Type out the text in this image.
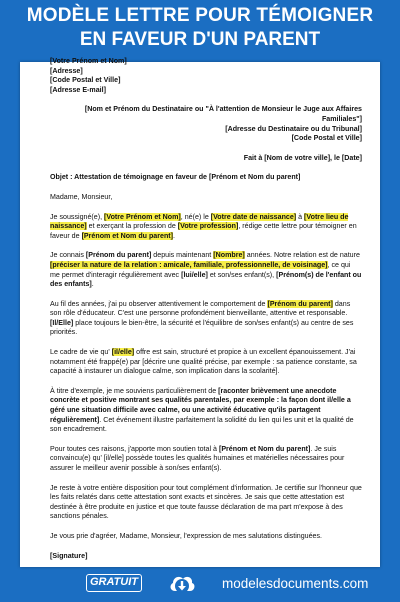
MODÈLE LETTRE POUR TÉMOIGNER
EN FAVEUR D'UN PARENT

[Votre Prénom et Nom]

[Adresse]

[Code Postal et Ville]

[Adresse E-mail]

[Nom et Prénom du Destinataire ou "À l'attention de Monsieur le Juge aux Affaires

Familiales"]

[Adresse du Destinataire ou du Tribunal]

[Code Postal et Ville]

Fait à [Nom de votre ville], le [Date]

Objet : Attestation de témoignage en faveur de [Prénom et Nom du parent]

Madame, Monsieur,

Je soussigné(e), [Votre Prénom et Nom], né(e) le [Votre date de naissance] à [Votre lieu de naissance] et exerçant la profession de [Votre profession], rédige cette lettre pour témoigner en faveur de [Prénom et Nom du parent].

Je connais [Prénom du parent] depuis maintenant [Nombre] années. Notre relation est de nature [préciser la nature de la relation : amicale, familiale, professionnelle, de voisinage], ce qui me permet d'interagir régulièrement avec [lui/elle] et son/ses enfant(s), [Prénom(s) de l'enfant ou des enfants].

Au fil des années, j'ai pu observer attentivement le comportement de [Prénom du parent] dans son rôle d'éducateur. C'est une personne profondément bienveillante, attentive et responsable. [Il/Elle] place toujours le bien-être, la sécurité et l'équilibre de son/ses enfant(s) au centre de ses priorités.

Le cadre de vie qu' [il/elle] offre est sain, structuré et propice à un excellent épanouissement. J'ai notamment été frappé(e) par [décrire une qualité précise, par exemple : sa patience constante, sa capacité à instaurer un dialogue calme, son implication dans la scolarité].

À titre d'exemple, je me souviens particulièrement de [raconter brièvement une anecdote concrète et positive montrant ses qualités parentales, par exemple : la façon dont il/elle a géré une situation difficile avec calme, ou une activité éducative qu'ils partagent régulièrement]. Cet événement illustre parfaitement la solidité du lien qui les unit et la qualité de son encadrement.

Pour toutes ces raisons, j'apporte mon soutien total à [Prénom et Nom du parent]. Je suis convaincu(e) qu' [il/elle] possède toutes les qualités humaines et matérielles nécessaires pour assurer le meilleur avenir possible à son/ses enfant(s).

Je reste à votre entière disposition pour tout complément d'information. Je certifie sur l'honneur que les faits relatés dans cette attestation sont exacts et sincères. Je sais que cette attestation est destinée à être produite en justice et que toute fausse déclaration de ma part m'expose à des sanctions pénales.

Je vous prie d'agréer, Madame, Monsieur, l'expression de mes salutations distinguées.

[Signature]

GRATUIT	modelesdocuments.com
